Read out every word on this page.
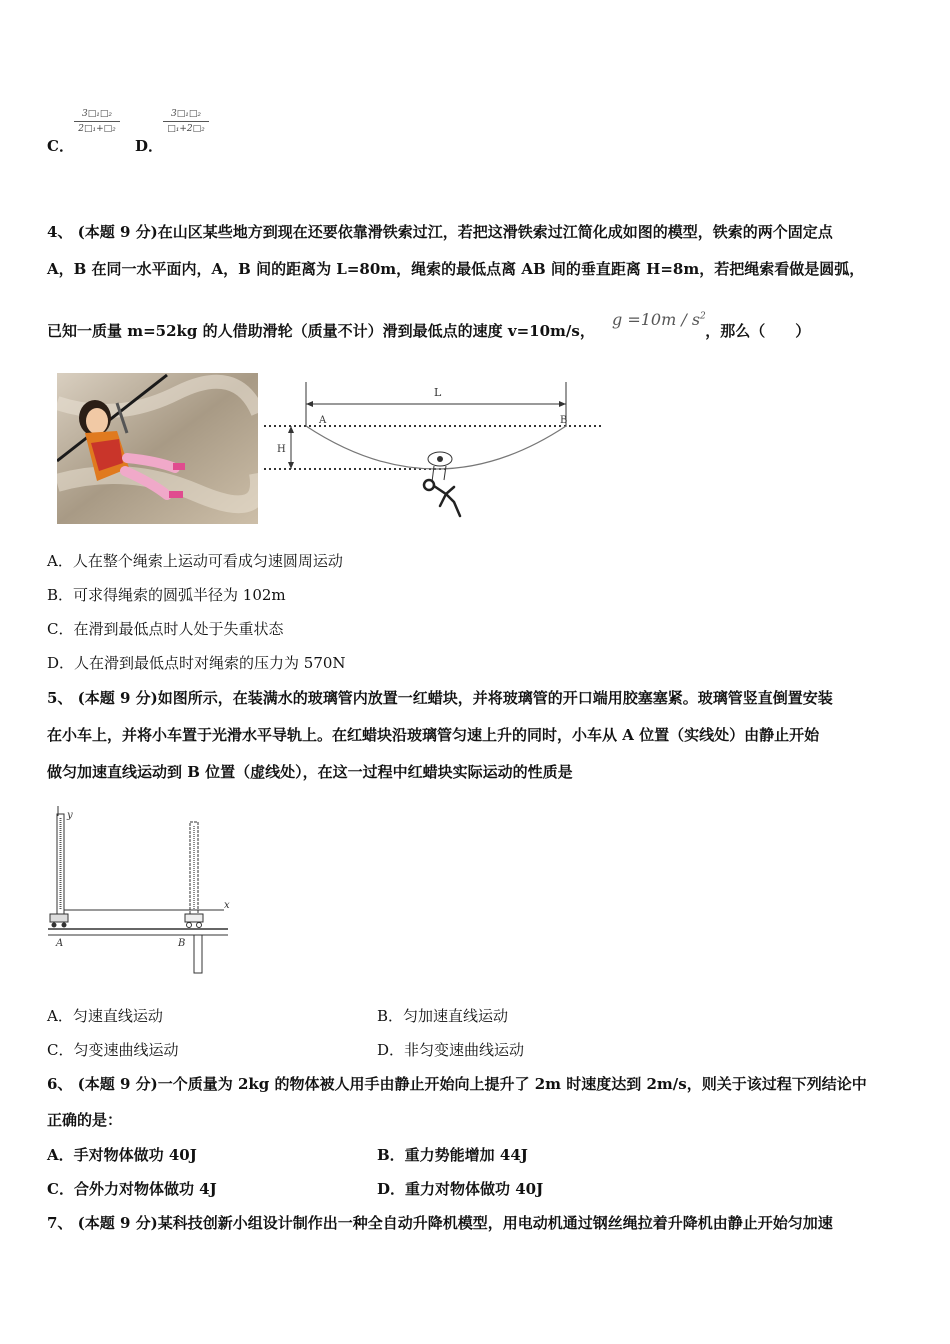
C．
3□₁□₂
2□₁+□₂
D．
3□₁□₂
□₁+2□₂
4、 (本题 9 分)在山区某些地方到现在还要依靠滑铁索过江，若把这滑铁索过江简化成如图的模型，铁索的两个固定点
A，B 在同一水平面内，A，B 间的距离为 L=80m，绳索的最低点离 AB 间的垂直距离 H=8m，若把绳索看做是圆弧，
已知一质量 m=52kg 的人借助滑轮（质量不计）滑到最低点的速度 v=10m/s，	，那么（　　）
$g =10m / s^2$
L
A	B
H
A．人在整个绳索上运动可看成匀速圆周运动
B．可求得绳索的圆弧半径为 102m
C．在滑到最低点时人处于失重状态
D．人在滑到最低点时对绳索的压力为 570N
5、 (本题 9 分)如图所示，在装满水的玻璃管内放置一红蜡块，并将玻璃管的开口端用胶塞塞紧。玻璃管竖直倒置安装
在小车上，并将小车置于光滑水平导轨上。在红蜡块沿玻璃管匀速上升的同时，小车从 A 位置（实线处）由静止开始
做匀加速直线运动到 B 位置（虚线处），在这一过程中红蜡块实际运动的性质是
y
x
A	B
A．匀速直线运动	B．匀加速直线运动
C．匀变速曲线运动	D．非匀变速曲线运动
6、 (本题 9 分)一个质量为 2kg 的物体被人用手由静止开始向上提升了 2m 时速度达到 2m/s，则关于该过程下列结论中
正确的是：
A．手对物体做功 40J	B．重力势能增加 44J
C．合外力对物体做功 4J	D．重力对物体做功 40J
7、 (本题 9 分)某科技创新小组设计制作出一种全自动升降机模型，用电动机通过钢丝绳拉着升降机由静止开始匀加速
